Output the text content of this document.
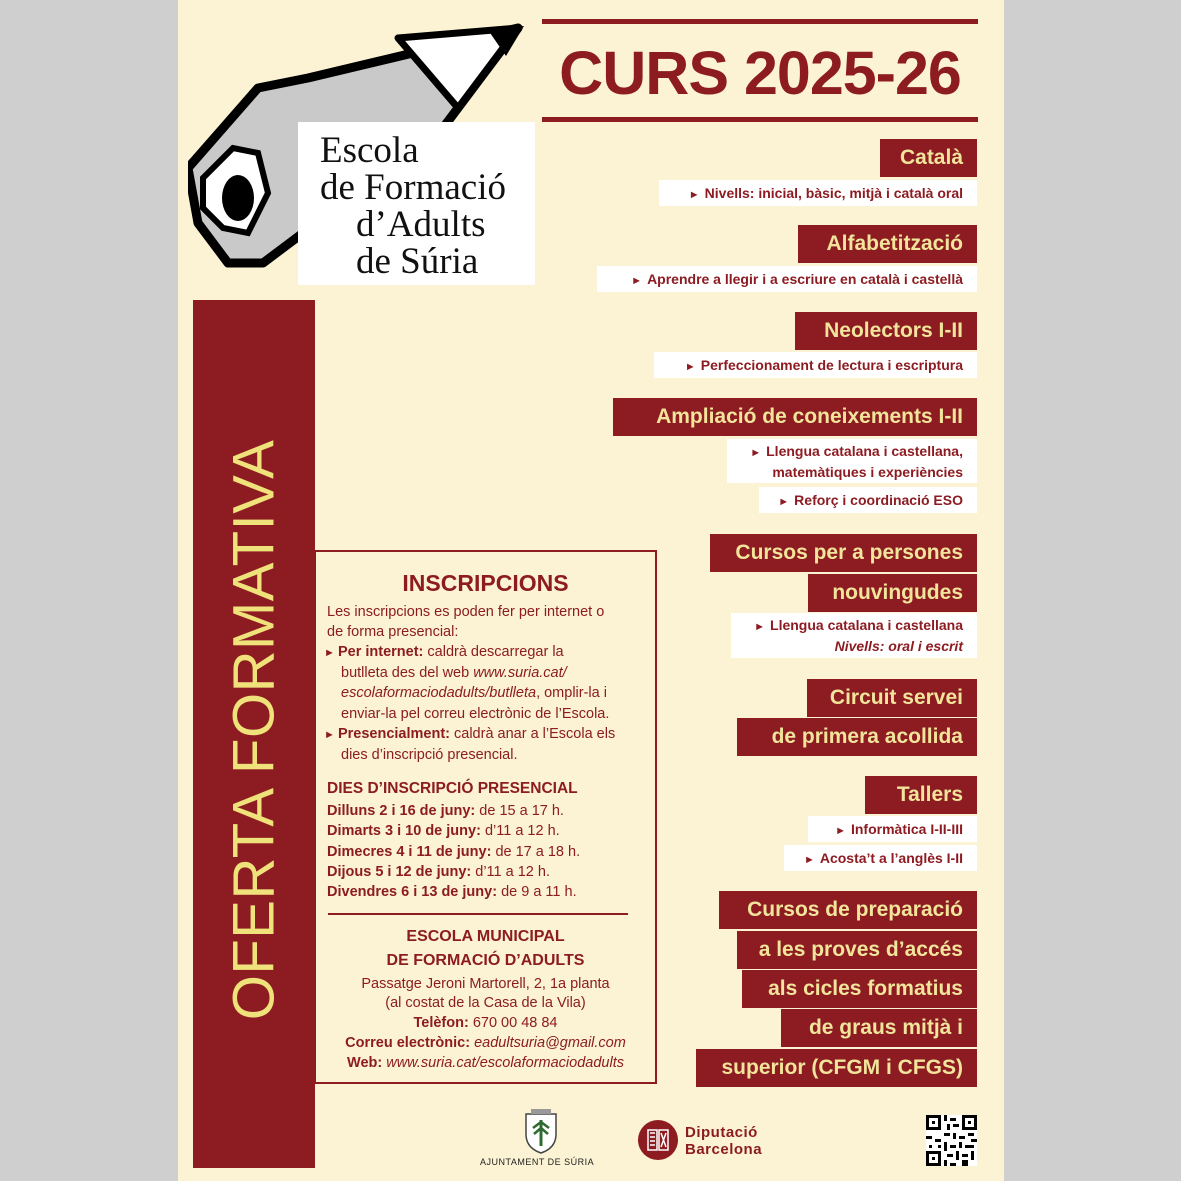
Escola
de Formació
d’Adults
de Súria
CURS 2025-26
OFERTA FORMATIVA
Català
► Nivells: inicial, bàsic, mitjà i català oral
Alfabetització
► Aprendre a llegir i a escriure en català i castellà
Neolectors I-II
► Perfeccionament de lectura i escriptura
Ampliació de coneixements I-II
► Llengua catalana i castellana,
matemàtiques i experiències
► Reforç i coordinació ESO
Cursos per a persones
nouvingudes
► Llengua catalana i castellana
Nivells: oral i escrit
Circuit servei
de primera acollida
Tallers
► Informàtica I-II-III
► Acosta’t a l’anglès I-II
Cursos de preparació
a les proves d’accés
als cicles formatius
de graus mitjà i
superior (CFGM i CFGS)
INSCRIPCIONS
Les inscripcions es poden fer per internet o
de forma presencial:
► Per internet: caldrà descarregar la
butlleta des del web www.suria.cat/
escolaformaciodadults/butlleta, omplir-la i
enviar-la pel correu electrònic de l’Escola.
► Presencialment: caldrà anar a l’Escola els
dies d’inscripció presencial.
DIES D’INSCRIPCIÓ PRESENCIAL
Dilluns 2 i 16 de juny: de 15 a 17 h.
Dimarts 3 i 10 de juny: d’11 a 12 h.
Dimecres 4 i 11 de juny: de 17 a 18 h.
Dijous 5 i 12 de juny: d’11 a 12 h.
Divendres 6 i 13 de juny: de 9 a 11 h.
ESCOLA MUNICIPAL
DE FORMACIÓ D’ADULTS
Passatge Jeroni Martorell, 2, 1a planta
(al costat de la Casa de la Vila)
Telèfon: 670 00 48 84
Correu electrònic: eadultsuria@gmail.com
Web: www.suria.cat/escolaformaciodadults
AJUNTAMENT DE SÚRIA
Diputació
Barcelona
